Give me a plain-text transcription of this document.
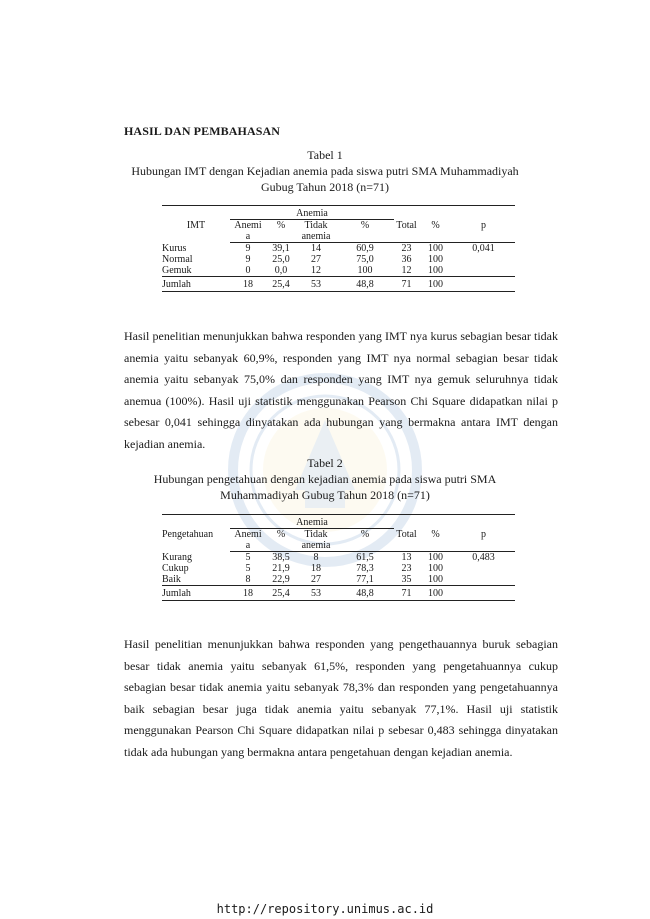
HASIL DAN PEMBAHASAN
Tabel 1
Hubungan IMT dengan Kejadian anemia pada siswa putri SMA Muhammadiyah
Gubug Tahun 2018 (n=71)
IMT	Anemia						
	Anemi	%	Tidak	%	Total	%	p
	a		anemia				
Kurus	9	39,1	14	60,9	23	100	0,041
Normal	9	25,0	27	75,0	36	100	
Gemuk	0	0,0	12	100	12	100	
Jumlah	18	25,4	53	48,8	71	100	
Hasil penelitian menunjukkan bahwa responden yang IMT nya kurus sebagian besar tidak anemia yaitu sebanyak 60,9%, responden yang IMT nya normal sebagian besar tidak anemia yaitu sebanyak 75,0% dan responden yang IMT nya gemuk seluruhnya tidak anemua (100%). Hasil uji statistik menggunakan Pearson Chi Square didapatkan nilai p sebesar 0,041 sehingga dinyatakan ada hubungan yang bermakna antara IMT dengan kejadian anemia.
Tabel 2
Hubungan pengetahuan dengan kejadian anemia pada siswa putri SMA
Muhammadiyah Gubug Tahun 2018 (n=71)
Pengetahuan	Anemia						
	Anemi	%	Tidak	%	Total	%	p
	a		anemia				
Kurang	5	38,5	8	61,5	13	100	0,483
Cukup	5	21,9	18	78,3	23	100	
Baik	8	22,9	27	77,1	35	100	
Jumlah	18	25,4	53	48,8	71	100	
Hasil penelitian menunjukkan bahwa responden yang pengethauannya buruk sebagian besar tidak anemia yaitu sebanyak 61,5%, responden yang pengetahuannya cukup sebagian besar tidak anemia yaitu sebanyak 78,3% dan responden yang pengetahuannya baik sebagian besar juga tidak anemia yaitu sebanyak 77,1%. Hasil uji statistik menggunakan Pearson Chi Square didapatkan nilai p sebesar 0,483 sehingga dinyatakan tidak ada hubungan yang bermakna antara pengetahuan dengan kejadian anemia.
http://repository.unimus.ac.id
